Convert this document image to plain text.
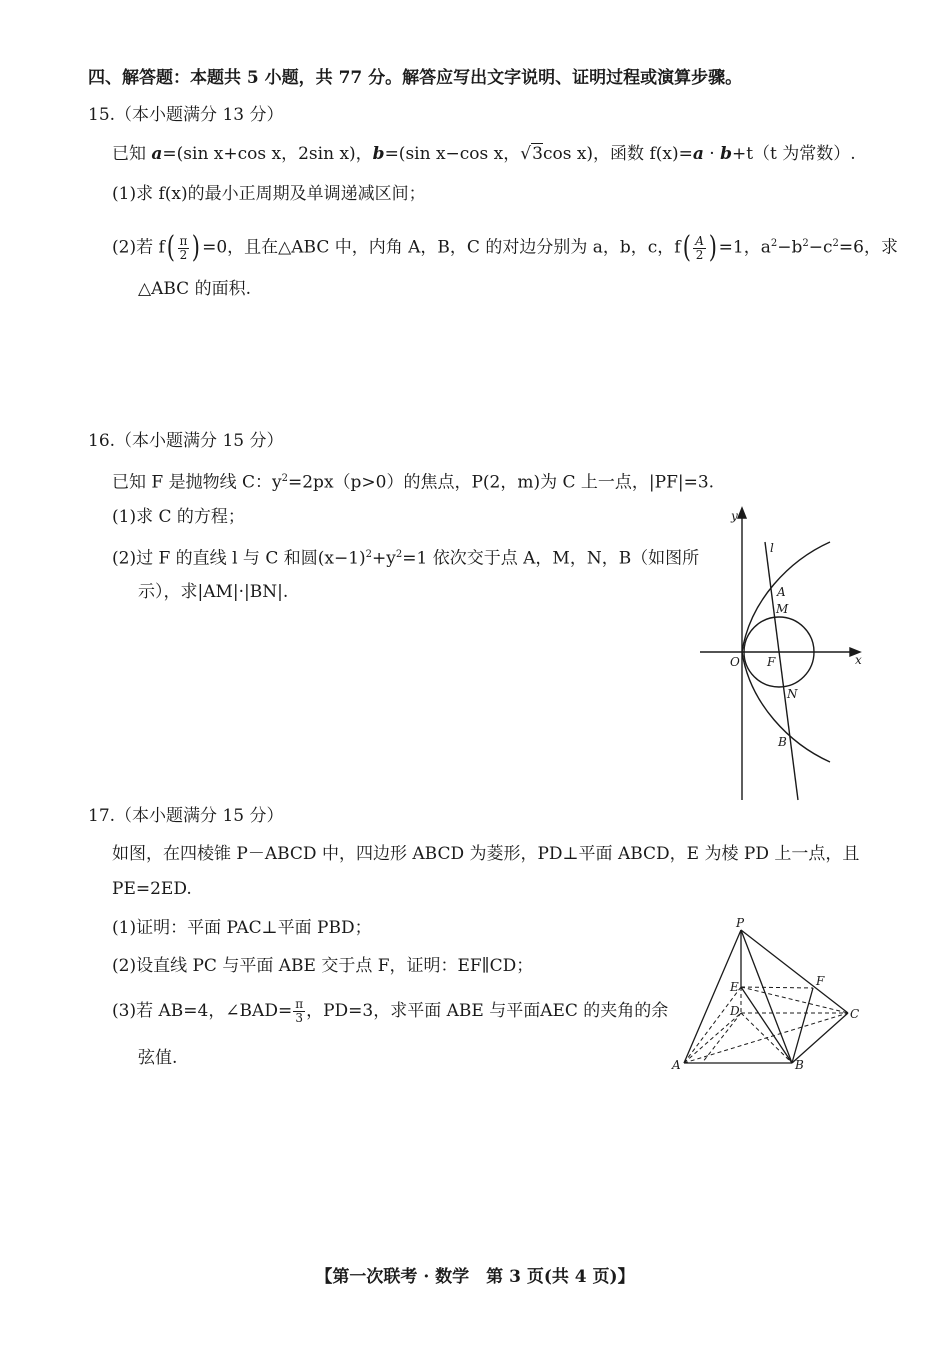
四、解答题：本题共 5 小题，共 77 分。解答应写出文字说明、证明过程或演算步骤。
15.（本小题满分 13 分）
已知 a=(sin x+cos x，2sin x)，b=(sin x−cos x，√3cos x)，函数 f(x)=a · b+t（t 为常数）.
(1)求 f(x)的最小正周期及单调递减区间；
(2)若 $f( \frac{\pi}{2}$ ) =0，且在△ABC 中，内角 A，B，C 的对边分别为 a，b，c，$f( \frac{A}{2}$ ) =1，$a^2-b^2-c^2=6$，求
△ABC 的面积.
16.（本小题满分 15 分）
已知 F 是抛物线 C：$y^2=2px(p>0)$的焦点，P(2，m)为 C 上一点，|PF|=3.
(1)求 C 的方程；
(2)过 F 的直线 l 与 C 和圆$(x-1)^2+y^2=1$ 依次交于点 A，M，N，B（如图所
示），求|AM|·|BN|.
y
x
O F
l
A
M
N
B
17.（本小题满分 15 分）
如图，在四棱锥 P－ABCD 中，四边形 ABCD 为菱形，PD⊥平面 ABCD，E 为棱 PD 上一点，且
PE=2ED.
(1)证明：平面 PAC⊥平面 PBD；
(2)设直线 PC 与平面 ABE 交于点 F，证明：EF∥CD；
(3)若 AB=4，∠BAD= $\frac{\pi}{3}$ ，PD=3，求平面 ABE 与平面AEC 的夹角的余
弦值.
P
E	F
D	C
A	B
【第一次联考 · 数学　第 3 页(共 4 页)】
